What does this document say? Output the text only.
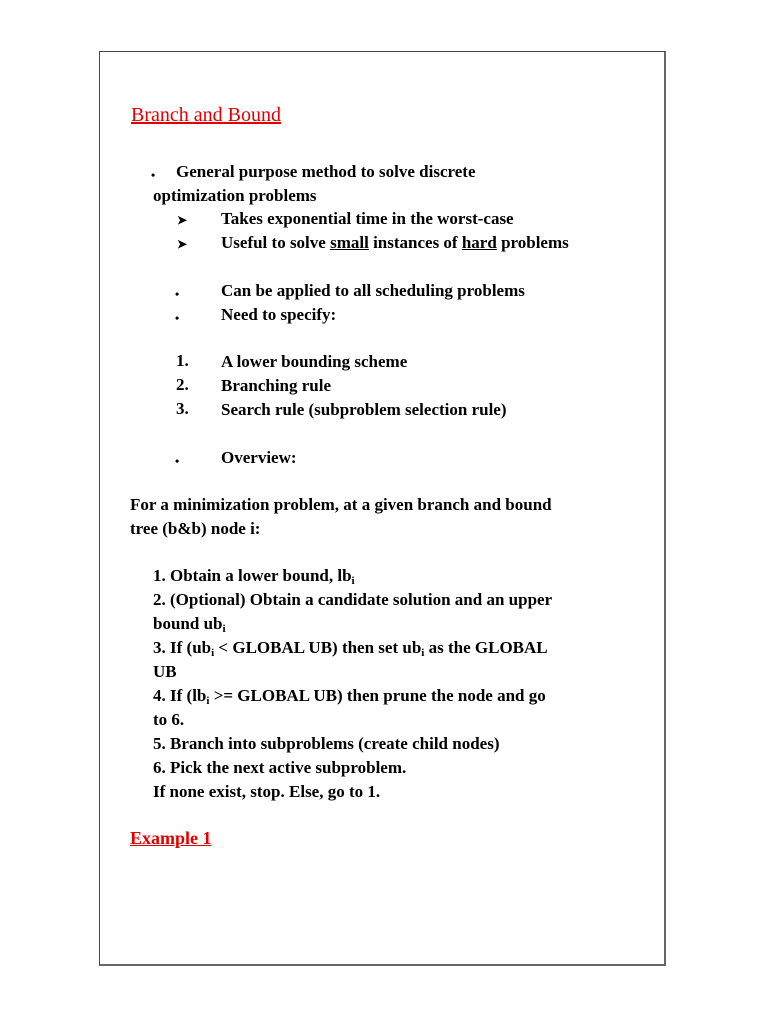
Branch and Bound
• General purpose method to solve discrete
optimization problems
➤ Takes exponential time in the worst-case
➤ Useful to solve small instances of hard problems
• Can be applied to all scheduling problems
• Need to specify:
1. A lower bounding scheme
2. Branching rule
3. Search rule (subproblem selection rule)
• Overview:
For a minimization problem, at a given branch and bound
tree (b&b) node i:
1. Obtain a lower bound, $lb_i$
2. (Optional) Obtain a candidate solution and an upper
bound $ub_i$
3. If ($ub_i$ < GLOBAL UB) then set $ub_i$ as the GLOBAL
UB
4. If ($lb_i$ >= GLOBAL UB) then prune the node and go
to 6.
5. Branch into subproblems (create child nodes)
6. Pick the next active subproblem.
If none exist, stop. Else, go to 1.
Example 1
